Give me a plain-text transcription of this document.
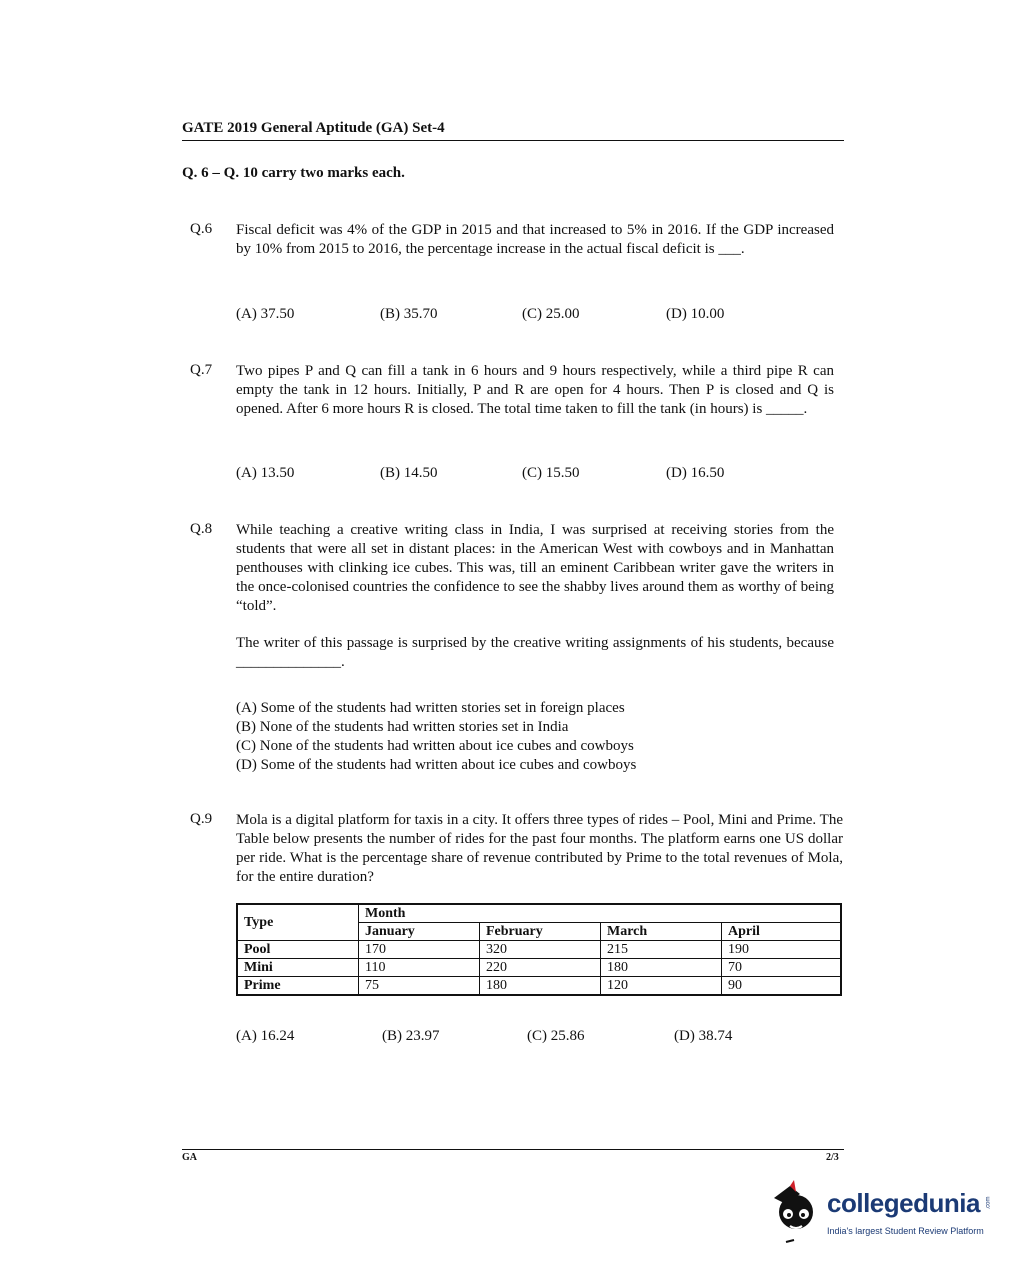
GATE 2019 General Aptitude (GA) Set-4
Q. 6 – Q. 10 carry two marks each.
Q.6 Fiscal deficit was 4% of the GDP in 2015 and that increased to 5% in 2016. If the GDP increased by 10% from 2015 to 2016, the percentage increase in the actual fiscal deficit is ___.
(A) 37.50	(B) 35.70	(C) 25.00	(D) 10.00
Q.7 Two pipes P and Q can fill a tank in 6 hours and 9 hours respectively, while a third pipe R can empty the tank in 12 hours. Initially, P and R are open for 4 hours. Then P is closed and Q is opened. After 6 more hours R is closed. The total time taken to fill the tank (in hours) is _____.
(A) 13.50	(B) 14.50	(C) 15.50	(D) 16.50
Q.8 While teaching a creative writing class in India, I was surprised at receiving stories from the students that were all set in distant places: in the American West with cowboys and in Manhattan penthouses with clinking ice cubes. This was, till an eminent Caribbean writer gave the writers in the once-colonised countries the confidence to see the shabby lives around them as worthy of being “told”.
The writer of this passage is surprised by the creative writing assignments of his students, because ______________.
(A) Some of the students had written stories set in foreign places
(B) None of the students had written stories set in India
(C) None of the students had written about ice cubes and cowboys
(D) Some of the students had written about ice cubes and cowboys
Q.9 Mola is a digital platform for taxis in a city. It offers three types of rides – Pool, Mini and Prime. The Table below presents the number of rides for the past four months. The platform earns one US dollar per ride. What is the percentage share of revenue contributed by Prime to the total revenues of Mola, for the entire duration?
Type	Month			
	January	February	March	April
Pool	170	320	215	190
Mini	110	220	180	70
Prime	75	180	120	90
(A) 16.24	(B) 23.97	(C) 25.86	(D) 38.74
GA	2/3
collegedunia .com
India's largest Student Review Platform
